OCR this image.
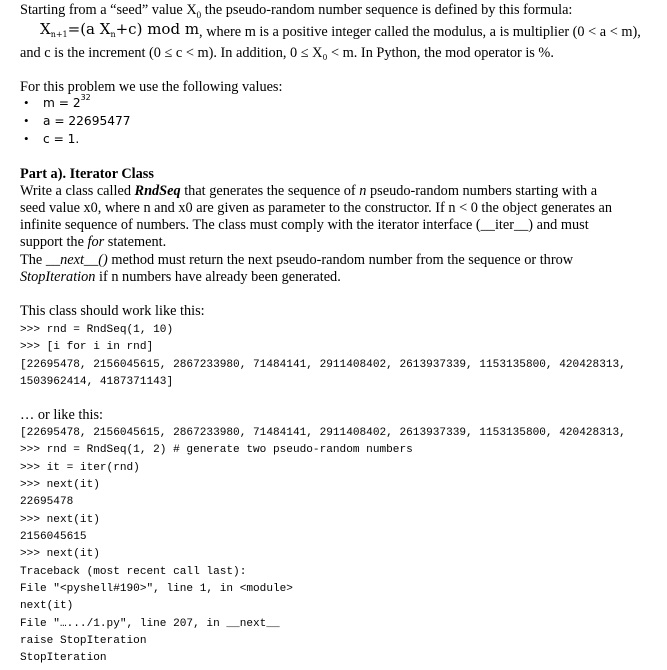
Starting from a “seed” value $X_0$ the pseudo-random number sequence is defined by this formula:
$X_{n+1}=(a$ $X_n+c$) mod m, where m is a positive integer called the modulus, a is multiplier (0 < a < m),
and c is the increment (0 ≤ c < m). In addition, 0 ≤ X₀ < m. In Python, the mod operator is %.
For this problem we use the following values:
• $m = 2^{32}$
• a = 22695477
• c = 1.
Part a). Iterator Class
Write a class called RndSeq that generates the sequence of n pseudo-random numbers starting with a
seed value x0, where n and x0 are given as parameter to the constructor. If n < 0 the object generates an
infinite sequence of numbers. The class must comply with the iterator interface (__iter__) and must
support the for statement.
The __next__() method must return the next pseudo-random number from the sequence or throw
StopIteration if n numbers have already been generated.
This class should work like this:
>>> rnd = RndSeq(1, 10)
>>> [i for i in rnd]
[22695478, 2156045615, 2867233980, 71484141, 2911408402, 2613937339, 1153135800, 420428313,
1503962414, 4187371143]
… or like this:
[22695478, 2156045615, 2867233980, 71484141, 2911408402, 2613937339, 1153135800, 420428313,
>>> rnd = RndSeq(1, 2) # generate two pseudo-random numbers
>>> it = iter(rnd)
>>> next(it)
22695478
>>> next(it)
2156045615
>>> next(it)
Traceback (most recent call last):
File "<pyshell#190>", line 1, in <module>
next(it)
File "….../1.py", line 207, in __next__
raise StopIteration
StopIteration
